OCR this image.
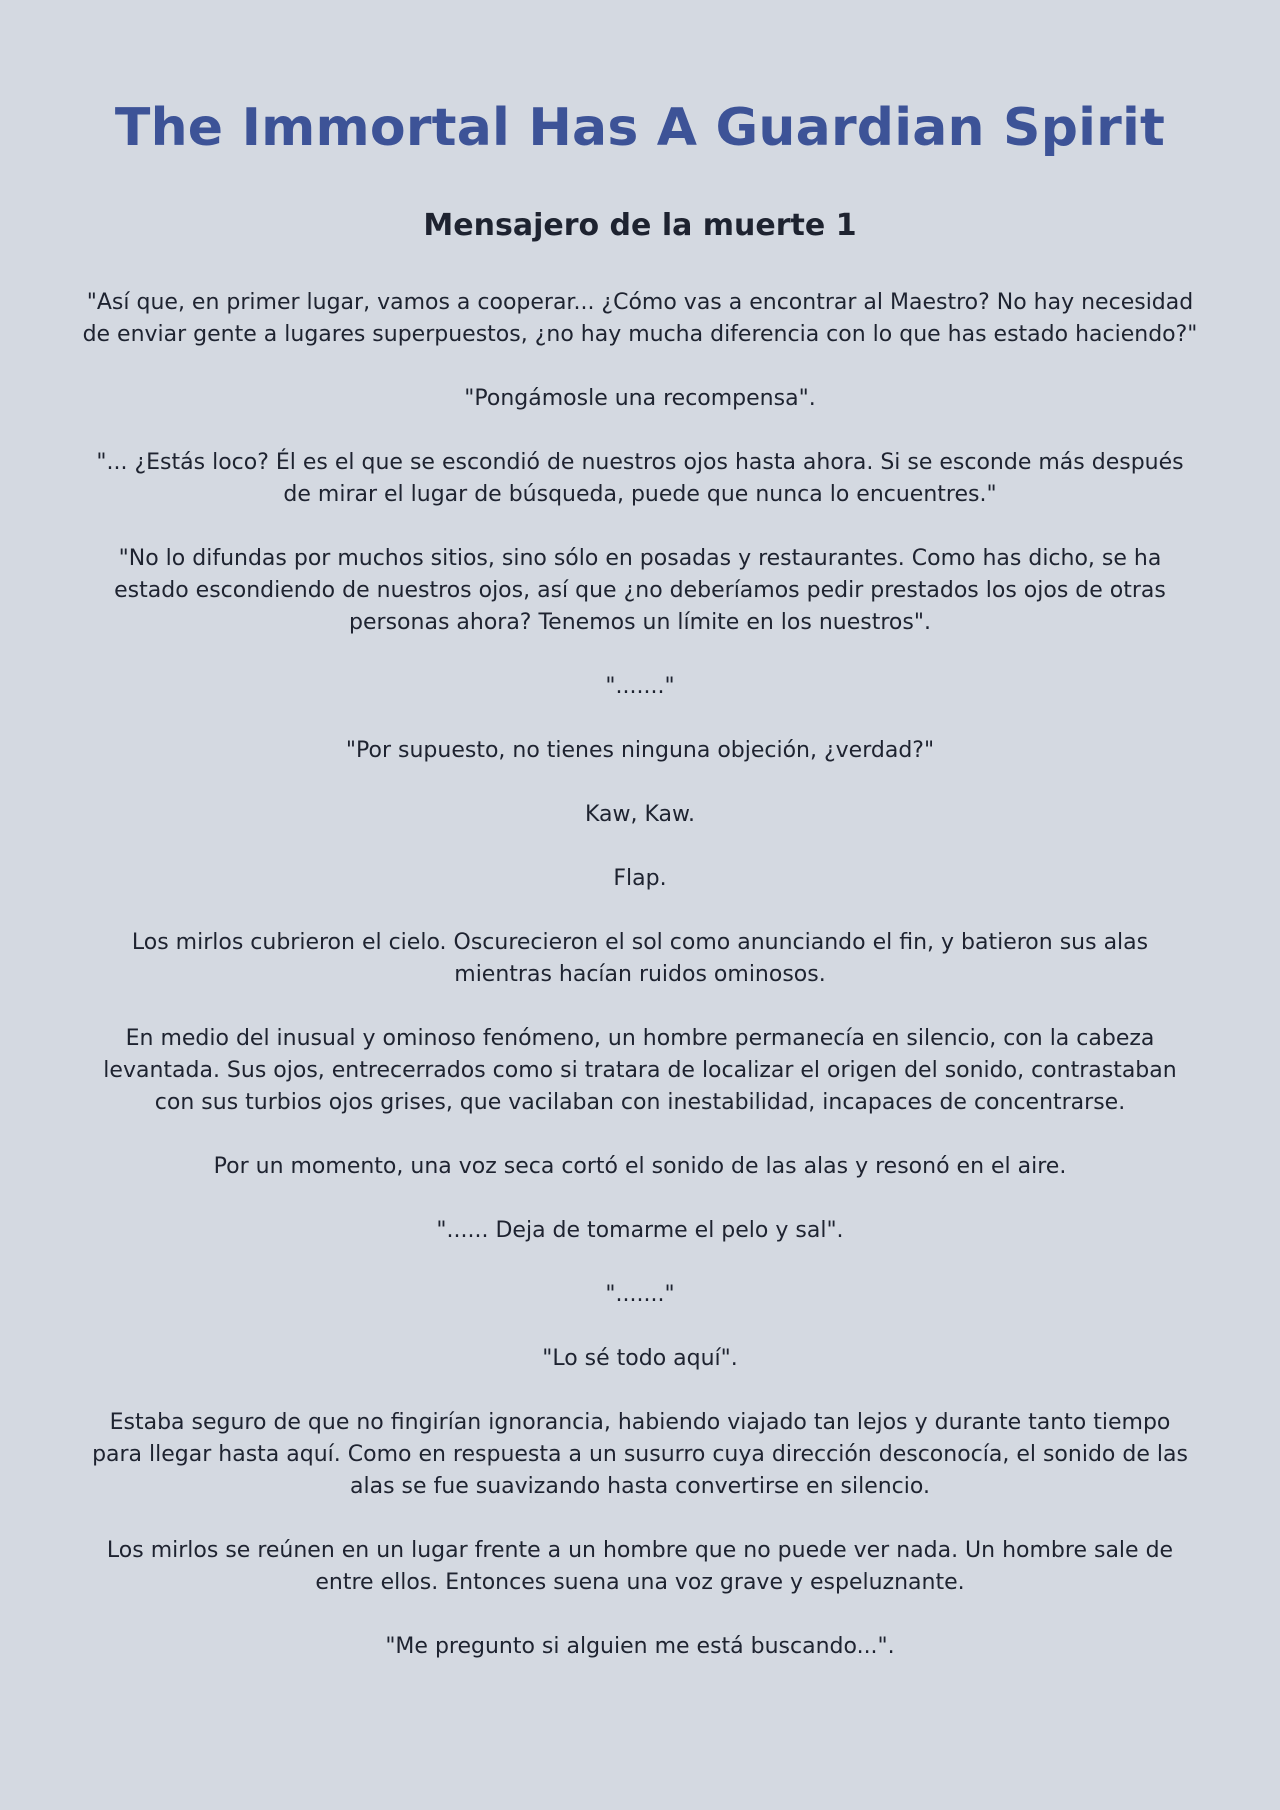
The Immortal Has A Guardian Spirit
Mensajero de la muerte 1

"Así que, en primer lugar, vamos a cooperar... ¿Cómo vas a encontrar al Maestro? No hay necesidad de enviar gente a lugares superpuestos, ¿no hay mucha diferencia con lo que has estado haciendo?"

"Pongámosle una recompensa".

"... ¿Estás loco? Él es el que se escondió de nuestros ojos hasta ahora. Si se esconde más después de mirar el lugar de búsqueda, puede que nunca lo encuentres."

"No lo difundas por muchos sitios, sino sólo en posadas y restaurantes. Como has dicho, se ha estado escondiendo de nuestros ojos, así que ¿no deberíamos pedir prestados los ojos de otras personas ahora? Tenemos un límite en los nuestros".

"......."

"Por supuesto, no tienes ninguna objeción, ¿verdad?"

Kaw, Kaw.

Flap.

Los mirlos cubrieron el cielo. Oscurecieron el sol como anunciando el fin, y batieron sus alas mientras hacían ruidos ominosos.

En medio del inusual y ominoso fenómeno, un hombre permanecía en silencio, con la cabeza levantada. Sus ojos, entrecerrados como si tratara de localizar el origen del sonido, contrastaban con sus turbios ojos grises, que vacilaban con inestabilidad, incapaces de concentrarse.

Por un momento, una voz seca cortó el sonido de las alas y resonó en el aire.

"...... Deja de tomarme el pelo y sal".

"......."

"Lo sé todo aquí".

Estaba seguro de que no fingirían ignorancia, habiendo viajado tan lejos y durante tanto tiempo para llegar hasta aquí. Como en respuesta a un susurro cuya dirección desconocía, el sonido de las alas se fue suavizando hasta convertirse en silencio.

Los mirlos se reúnen en un lugar frente a un hombre que no puede ver nada. Un hombre sale de entre ellos. Entonces suena una voz grave y espeluznante.

"Me pregunto si alguien me está buscando...".
